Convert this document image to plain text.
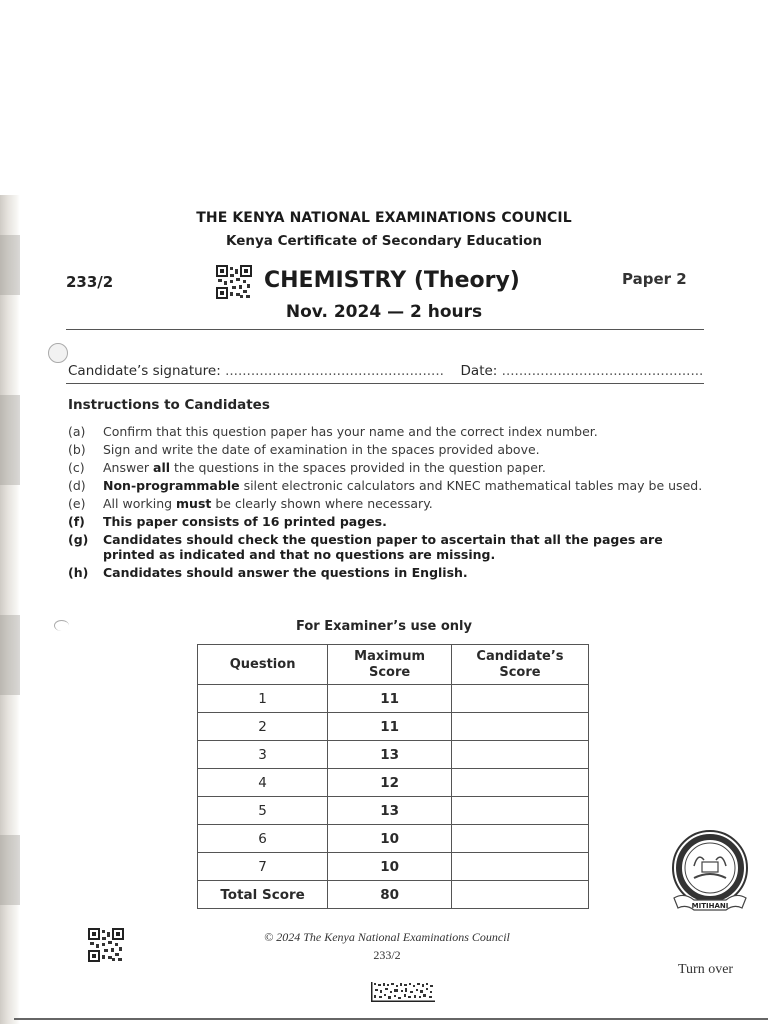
THE KENYA NATIONAL EXAMINATIONS COUNCIL
Kenya Certificate of Secondary Education
233/2	CHEMISTRY (Theory)	Paper 2
Nov. 2024 — 2 hours
Candidate’s signature: ................................................... Date: ...............................................
Instructions to Candidates
(a)	Confirm that this question paper has your name and the correct index number.
(b)	Sign and write the date of examination in the spaces provided above.
(c)	Answer all the questions in the spaces provided in the question paper.
(d)	Non-programmable silent electronic calculators and KNEC mathematical tables may be used.
(e)	All working must be clearly shown where necessary.
(f)	This paper consists of 16 printed pages.
(g)	Candidates should check the question paper to ascertain that all the pages are printed as indicated and that no questions are missing.
(h)	Candidates should answer the questions in English.
For Examiner’s use only
Question	Maximum Score	Candidate’s Score
1	11	
2	11	
3	13	
4	12	
5	13	
6	10	
7	10	
Total Score	80	
MITIHANI
© 2024 The Kenya National Examinations Council
233/2
Turn over
